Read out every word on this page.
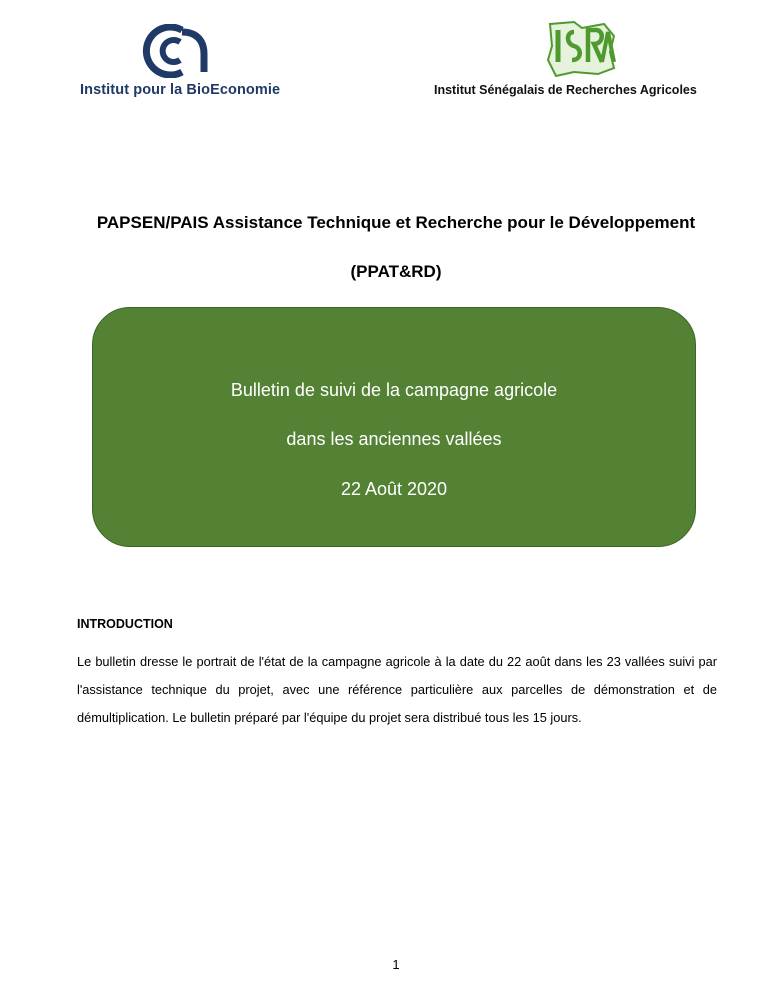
Institut pour la BioEconomie	Institut Sénégalais de Recherches Agricoles
PAPSEN/PAIS Assistance Technique et Recherche pour le Développement
(PPAT&RD)
Bulletin de suivi de la campagne agricole
dans les anciennes vallées
22 Août 2020
INTRODUCTION
Le bulletin dresse le portrait de l'état de la campagne agricole à la date du 22 août dans les 23 vallées suivi par l'assistance technique du projet, avec une référence particulière aux parcelles de démonstration et de démultiplication. Le bulletin préparé par l'équipe du projet sera distribué tous les 15 jours.
1
